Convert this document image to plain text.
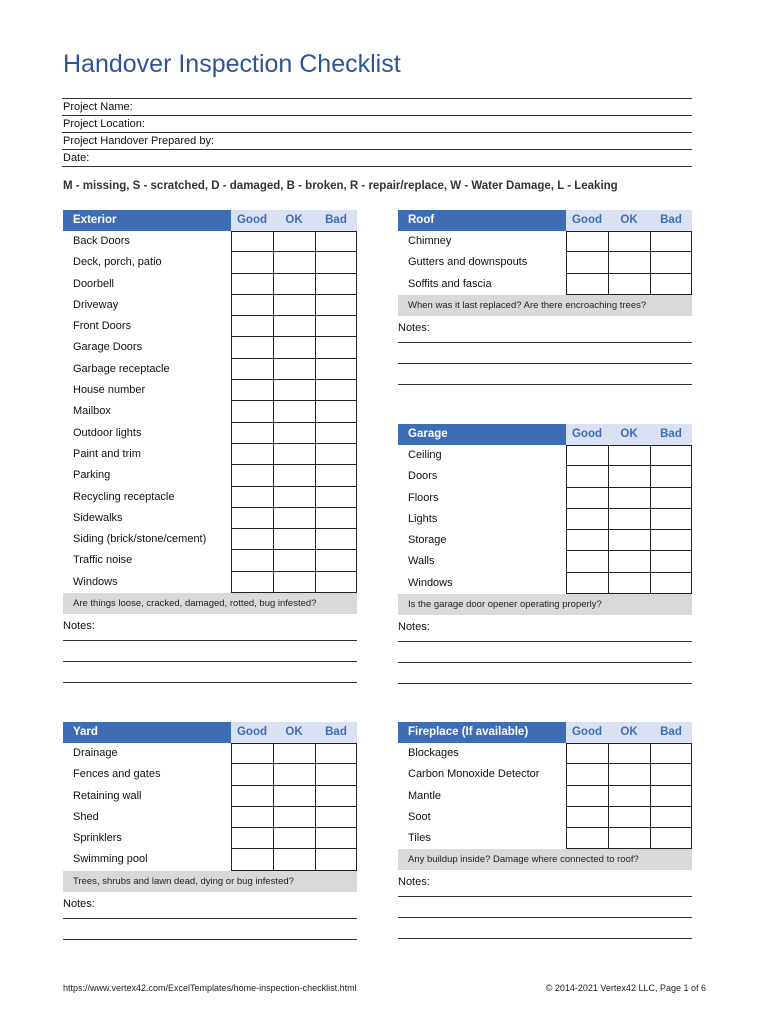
Handover Inspection Checklist
Project Name:
Project Location:
Project Handover Prepared by:
Date:
M - missing, S - scratched, D - damaged, B - broken, R - repair/replace, W - Water Damage, L - Leaking
Exterior	Good	OK	Bad
Back Doors
Deck, porch, patio
Doorbell
Driveway
Front Doors
Garage Doors
Garbage receptacle
House number
Mailbox
Outdoor lights
Paint and trim
Parking
Recycling receptacle
Sidewalks
Siding (brick/stone/cement)
Traffic noise
Windows
Are things loose, cracked, damaged, rotted, bug infested?
Notes:
Roof	Good	OK	Bad
Chimney
Gutters and downspouts
Soffits and fascia
When was it last replaced? Are there encroaching trees?
Notes:
Garage	Good	OK	Bad
Ceiling
Doors
Floors
Lights
Storage
Walls
Windows
Is the garage door opener operating properly?
Notes:
Yard	Good	OK	Bad
Drainage
Fences and gates
Retaining wall
Shed
Sprinklers
Swimming pool
Trees, shrubs and lawn dead, dying or bug infested?
Notes:
Fireplace (If available)	Good	OK	Bad
Blockages
Carbon Monoxide Detector
Mantle
Soot
Tiles
Any buildup inside? Damage where connected to roof?
Notes:
https://www.vertex42.com/ExcelTemplates/home-inspection-checklist.html	© 2014-2021 Vertex42 LLC, Page 1 of 6
